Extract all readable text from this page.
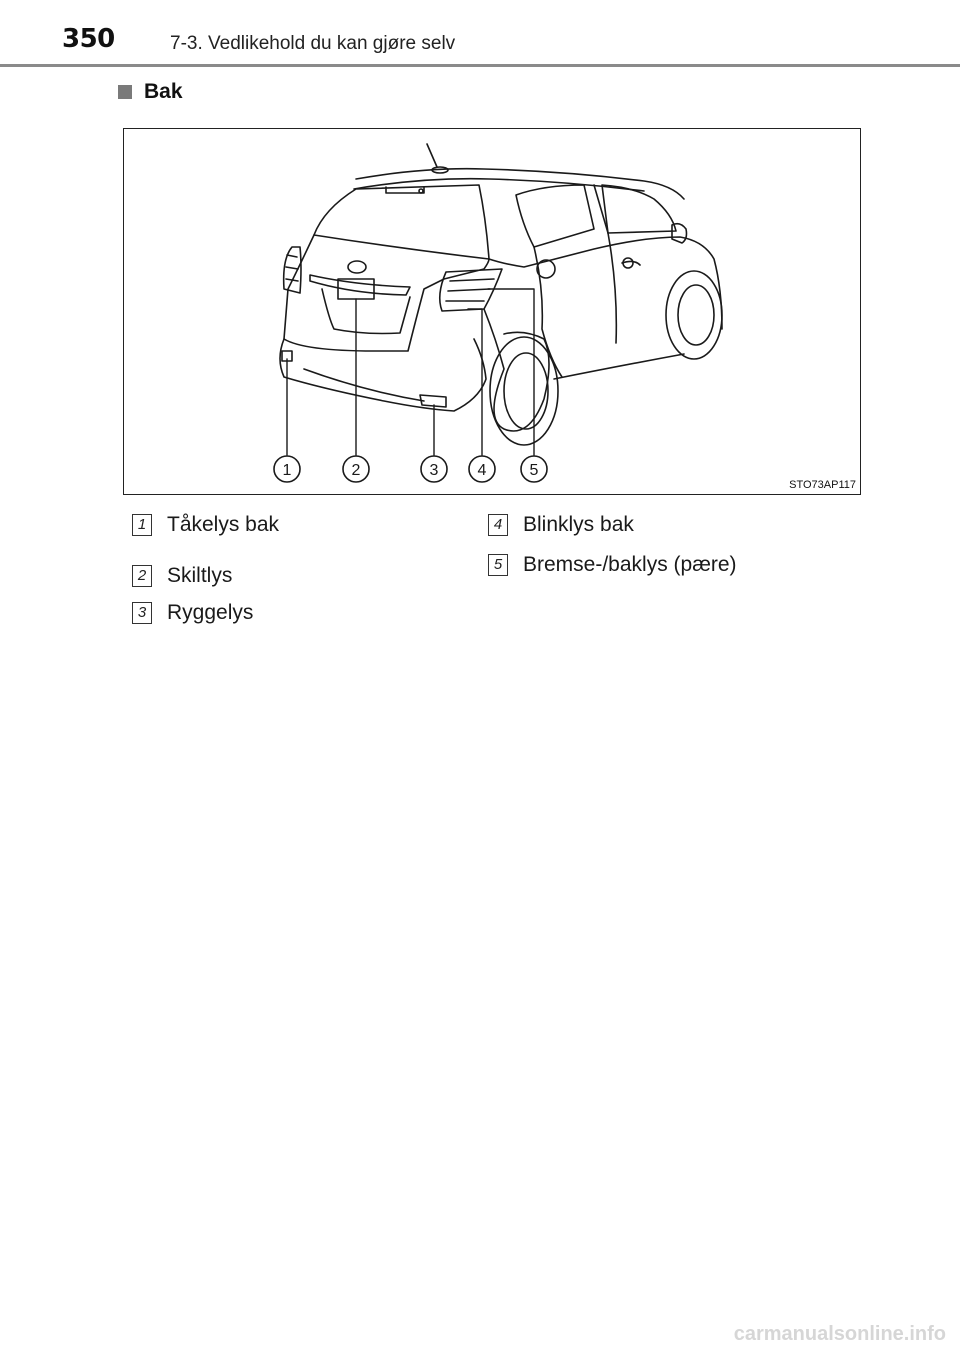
350	7-3. Vedlikehold du kan gjøre selv
Bak
1	2	3 4	5
STO73AP117
1 Tåkelys bak
2 Skiltlys
3 Ryggelys
4 Blinklys bak
5 Bremse-/baklys (pære)
carmanualsonline.info
